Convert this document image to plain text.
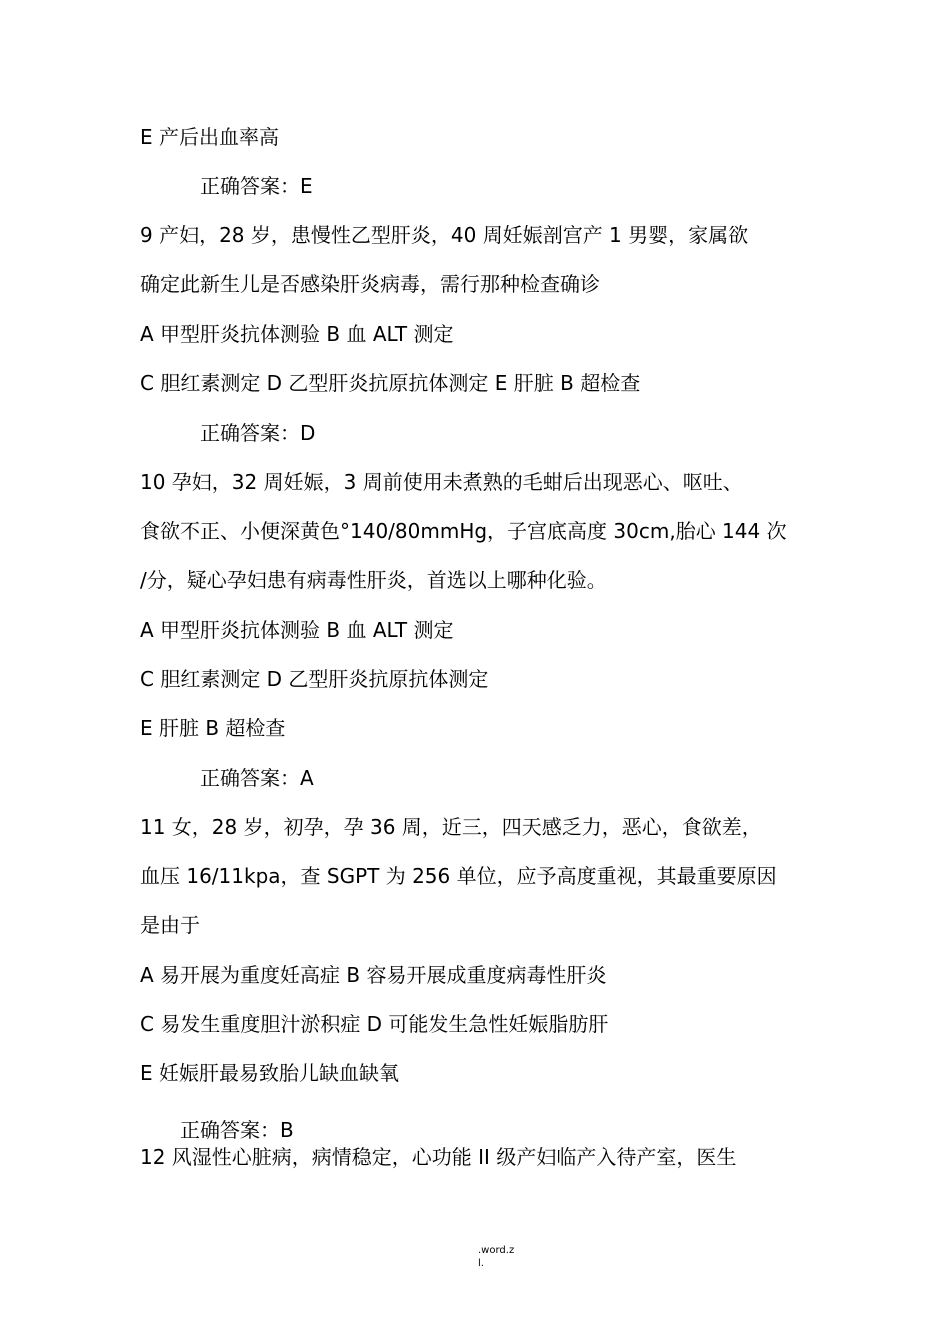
E 产后出血率高
正确答案：E
9 产妇，28 岁，患慢性乙型肝炎，40 周妊娠剖宫产 1 男婴，家属欲
确定此新生儿是否感染肝炎病毒，需行那种检查确诊
A 甲型肝炎抗体测验 B 血 ALT 测定
C 胆红素测定 D 乙型肝炎抗原抗体测定 E 肝脏 B 超检查
正确答案：D
10 孕妇，32 周妊娠，3 周前使用未煮熟的毛蚶后出现恶心、呕吐、
食欲不正、小便深黄色°140/80mmHg，子宫底高度 30cm,胎心 144 次
/分，疑心孕妇患有病毒性肝炎，首选以上哪种化验。
A 甲型肝炎抗体测验 B 血 ALT 测定
C 胆红素测定 D 乙型肝炎抗原抗体测定
E 肝脏 B 超检查
正确答案：A
11 女，28 岁，初孕，孕 36 周，近三，四天感乏力，恶心，食欲差，
血压 16/11kpa，查 SGPT 为 256 单位，应予高度重视，其最重要原因
是由于
A 易开展为重度妊高症 B 容易开展成重度病毒性肝炎
C 易发生重度胆汁淤积症 D 可能发生急性妊娠脂肪肝
E 妊娠肝最易致胎儿缺血缺氧
正确答案：B
12 风湿性心脏病，病情稳定，心功能 II 级产妇临产入待产室，医生
.word.z
l.
